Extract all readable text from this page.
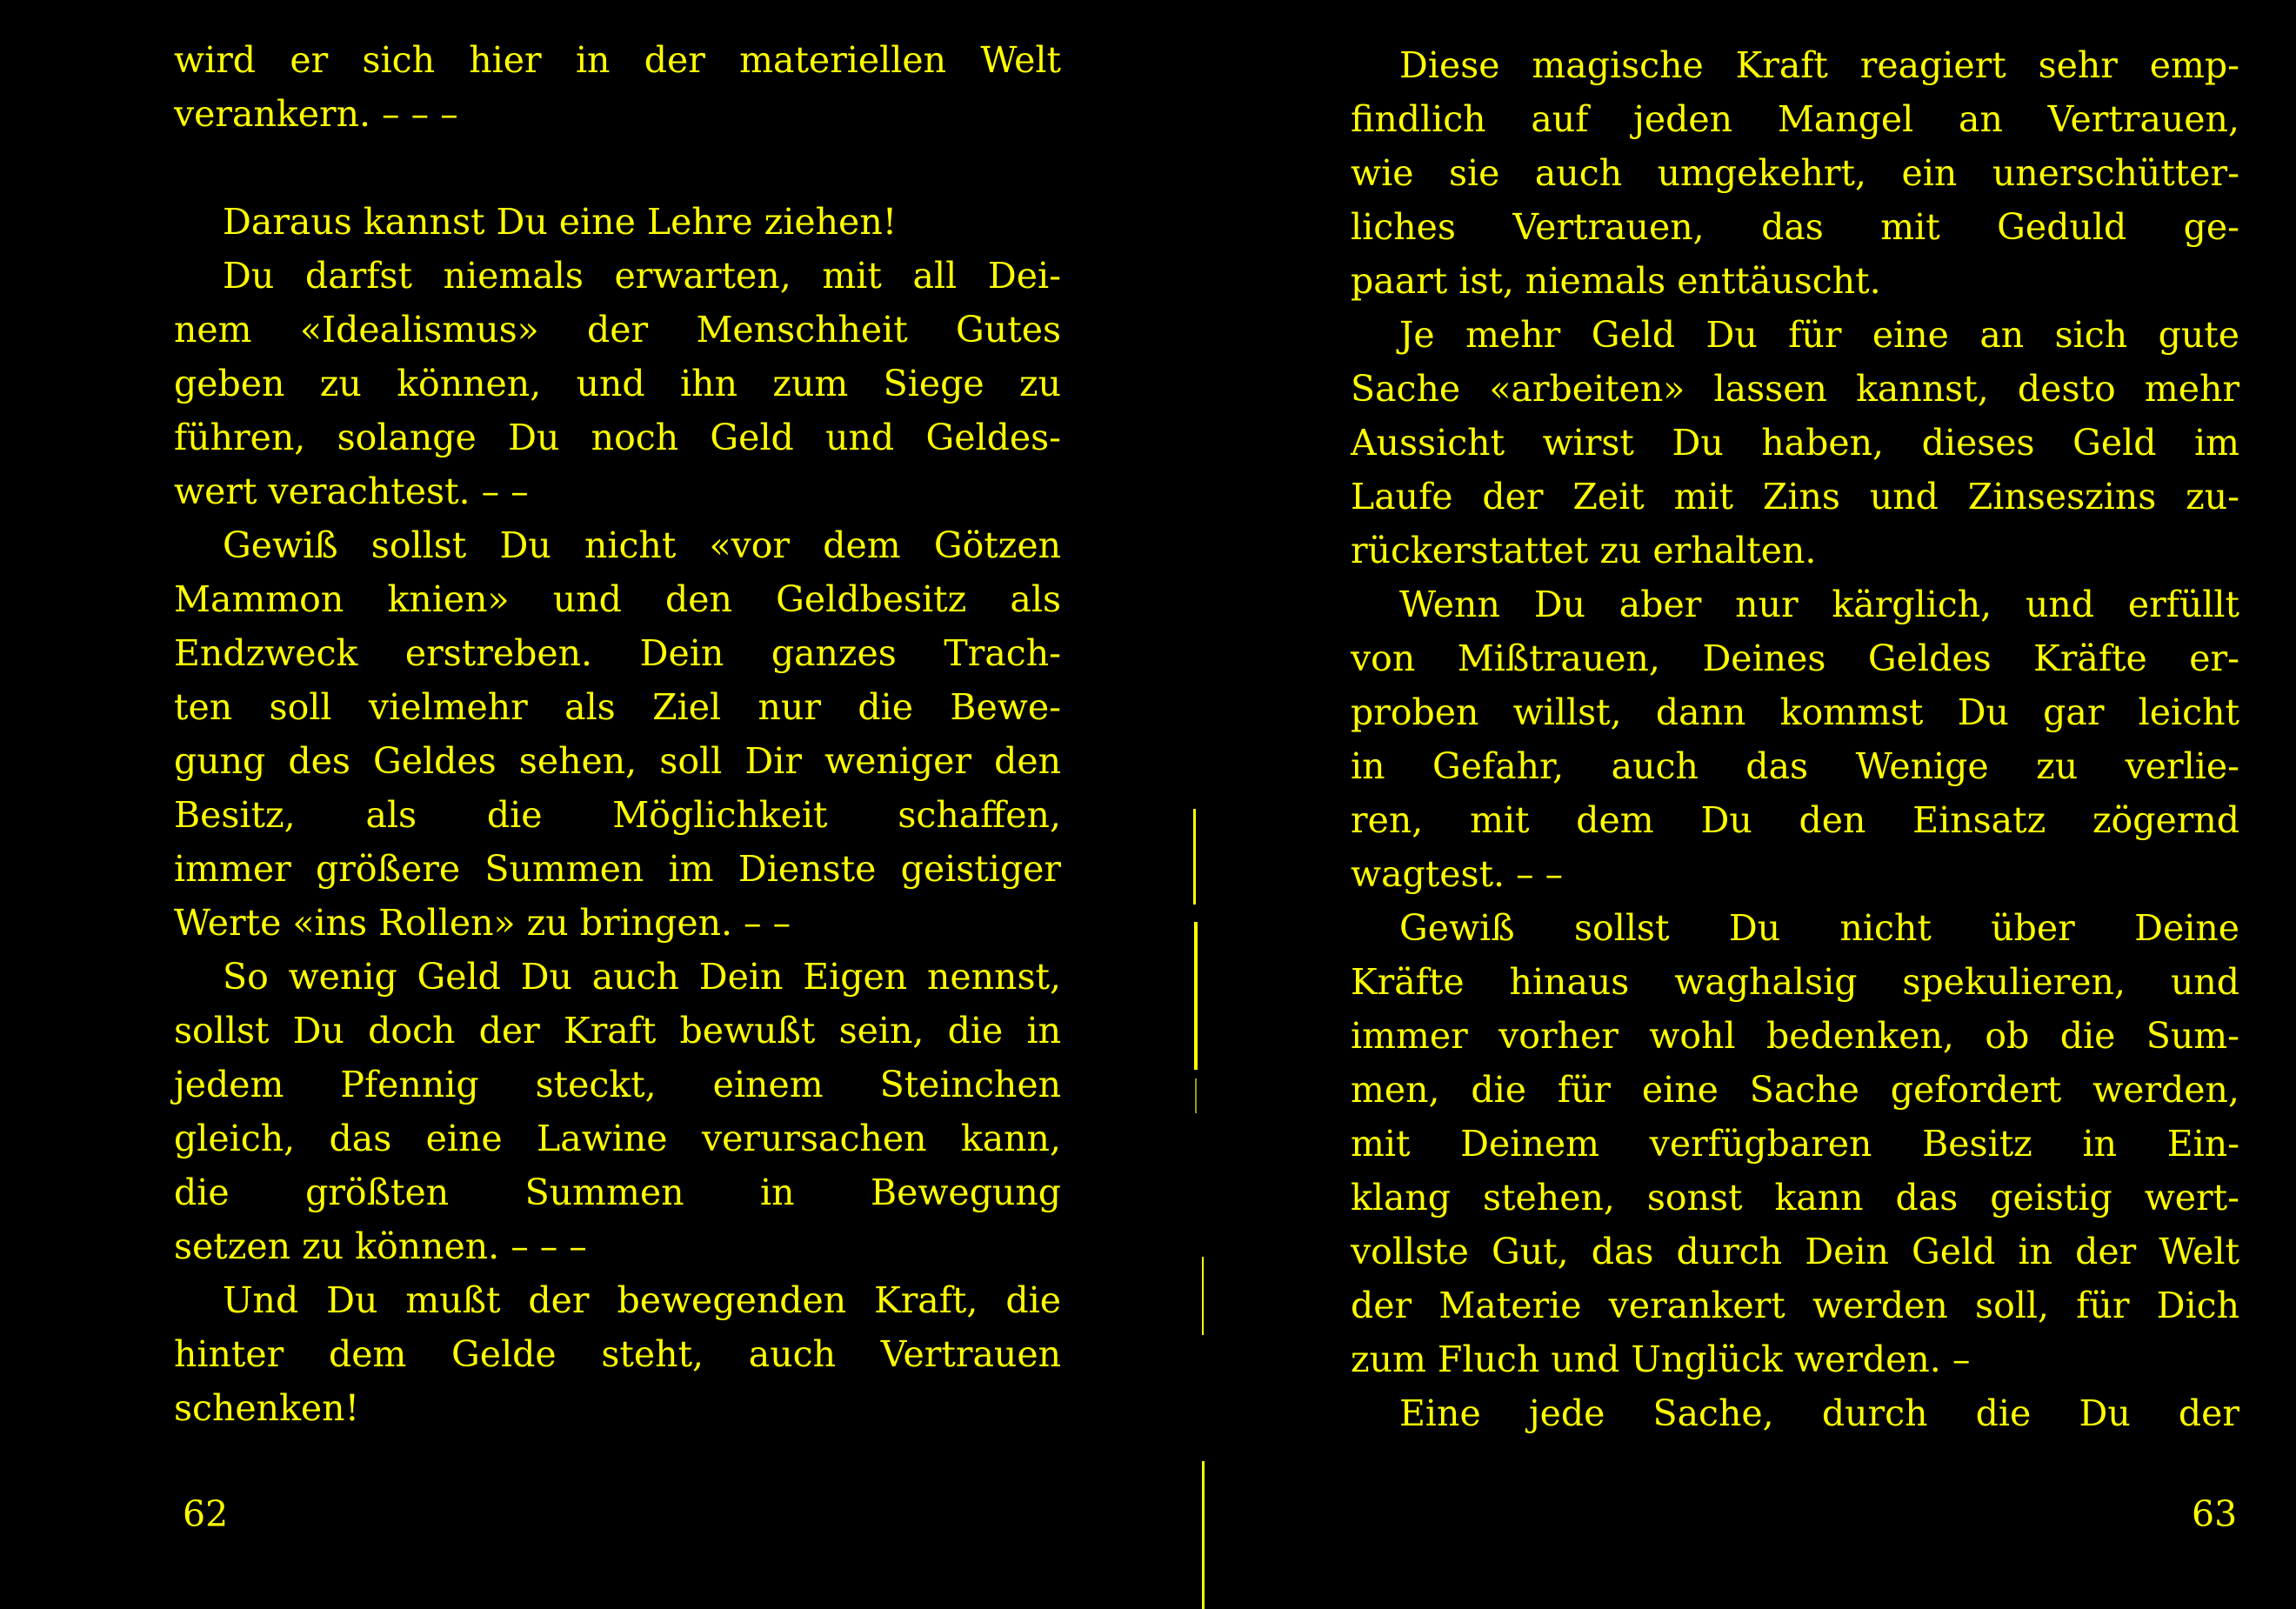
wird er sich hier in der materiellen Welt
verankern. – – –
Daraus kannst Du eine Lehre ziehen!
Du darfst niemals erwarten, mit all Dei-
nem «Idealismus» der Menschheit Gutes
geben zu können, und ihn zum Siege zu
führen, solange Du noch Geld und Geldes-
wert verachtest. – –
Gewiß sollst Du nicht «vor dem Götzen
Mammon knien» und den Geldbesitz als
Endzweck erstreben. Dein ganzes Trach-
ten soll vielmehr als Ziel nur die Bewe-
gung des Geldes sehen, soll Dir weniger den
Besitz, als die Möglichkeit schaffen,
immer größere Summen im Dienste geistiger
Werte «ins Rollen» zu bringen. – –
So wenig Geld Du auch Dein Eigen nennst,
sollst Du doch der Kraft bewußt sein, die in
jedem Pfennig steckt, einem Steinchen
gleich, das eine Lawine verursachen kann,
die größten Summen in Bewegung
setzen zu können. – – –
Und Du mußt der bewegenden Kraft, die
hinter dem Gelde steht, auch Vertrauen
schenken!
Diese magische Kraft reagiert sehr emp-
findlich auf jeden Mangel an Vertrauen,
wie sie auch umgekehrt, ein unerschütter-
liches Vertrauen, das mit Geduld ge-
paart ist, niemals enttäuscht.
Je mehr Geld Du für eine an sich gute
Sache «arbeiten» lassen kannst, desto mehr
Aussicht wirst Du haben, dieses Geld im
Laufe der Zeit mit Zins und Zinseszins zu-
rückerstattet zu erhalten.
Wenn Du aber nur kärglich, und erfüllt
von Mißtrauen, Deines Geldes Kräfte er-
proben willst, dann kommst Du gar leicht
in Gefahr, auch das Wenige zu verlie-
ren, mit dem Du den Einsatz zögernd
wagtest. – –
Gewiß sollst Du nicht über Deine
Kräfte hinaus waghalsig spekulieren, und
immer vorher wohl bedenken, ob die Sum-
men, die für eine Sache gefordert werden,
mit Deinem verfügbaren Besitz in Ein-
klang stehen, sonst kann das geistig wert-
vollste Gut, das durch Dein Geld in der Welt
der Materie verankert werden soll, für Dich
zum Fluch und Unglück werden. –
Eine jede Sache, durch die Du der
62	63
